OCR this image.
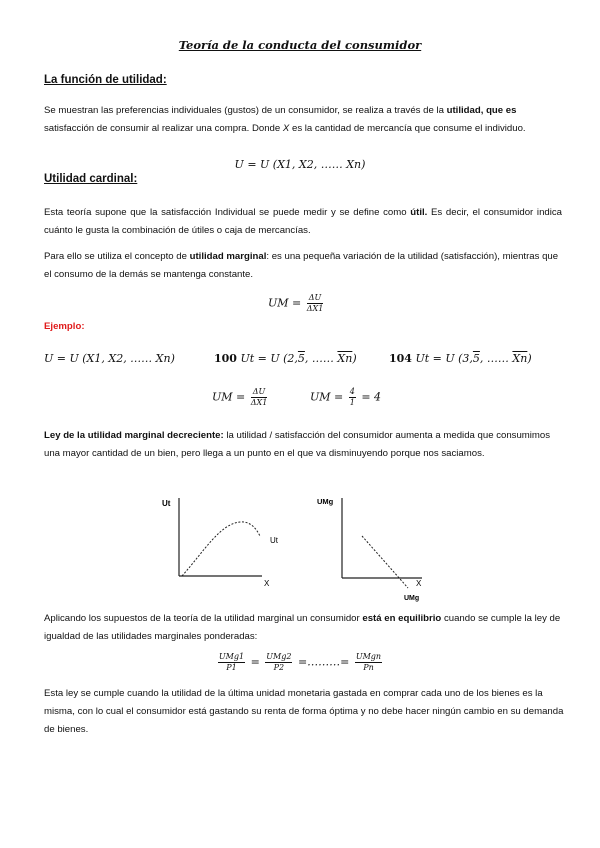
Teoría de la conducta del consumidor
La función de utilidad:
Se muestran las preferencias individuales (gustos) de un consumidor, se realiza a través de la utilidad, que es satisfacción de consumir al realizar una compra. Donde X es la cantidad de mercancía que consume el individuo.
U = U (X1, X2, …… Xn)
Utilidad cardinal:
Esta teoría supone que la satisfacción Individual se puede medir y se define como útil. Es decir, el consumidor indica cuánto le gusta la combinación de útiles o caja de mercancías.
Para ello se utiliza el concepto de utilidad marginal: es una pequeña variación de la utilidad (satisfacción), mientras que el consumo de la demás se mantenga constante.
UM = $\frac{\Delta U}{\Delta X1}$
Ejemplo:
U = U (X1, X2, …… Xn)	100 Ut = U (2,5, …… $\overline{Xn}$)	104 Ut = U (3,5, …… $\overline{Xn}$)
UM = $\frac{\Delta U}{\Delta X1}$	UM = $\frac{4}{1} = 4$
Ley de la utilidad marginal decreciente: la utilidad / satisfacción del consumidor aumenta a medida que consumimos una mayor cantidad de un bien, pero llega a un punto en el que va disminuyendo porque nos saciamos.
Ut
Ut
X
UMg
X
UMg
Aplicando los supuestos de la teoría de la utilidad marginal un consumidor está en equilibrio cuando se cumple la ley de igualdad de las utilidades marginales ponderadas:
$\frac{\text{UMg1}}{P1} = \frac{\text{UMg2}}{P2}$ =………= $\frac{\text{UMgn}}{Pn}$
Esta ley se cumple cuando la utilidad de la última unidad monetaria gastada en comprar cada uno de los bienes es la misma, con lo cual el consumidor está gastando su renta de forma óptima y no debe hacer ningún cambio en su demanda de bienes.
